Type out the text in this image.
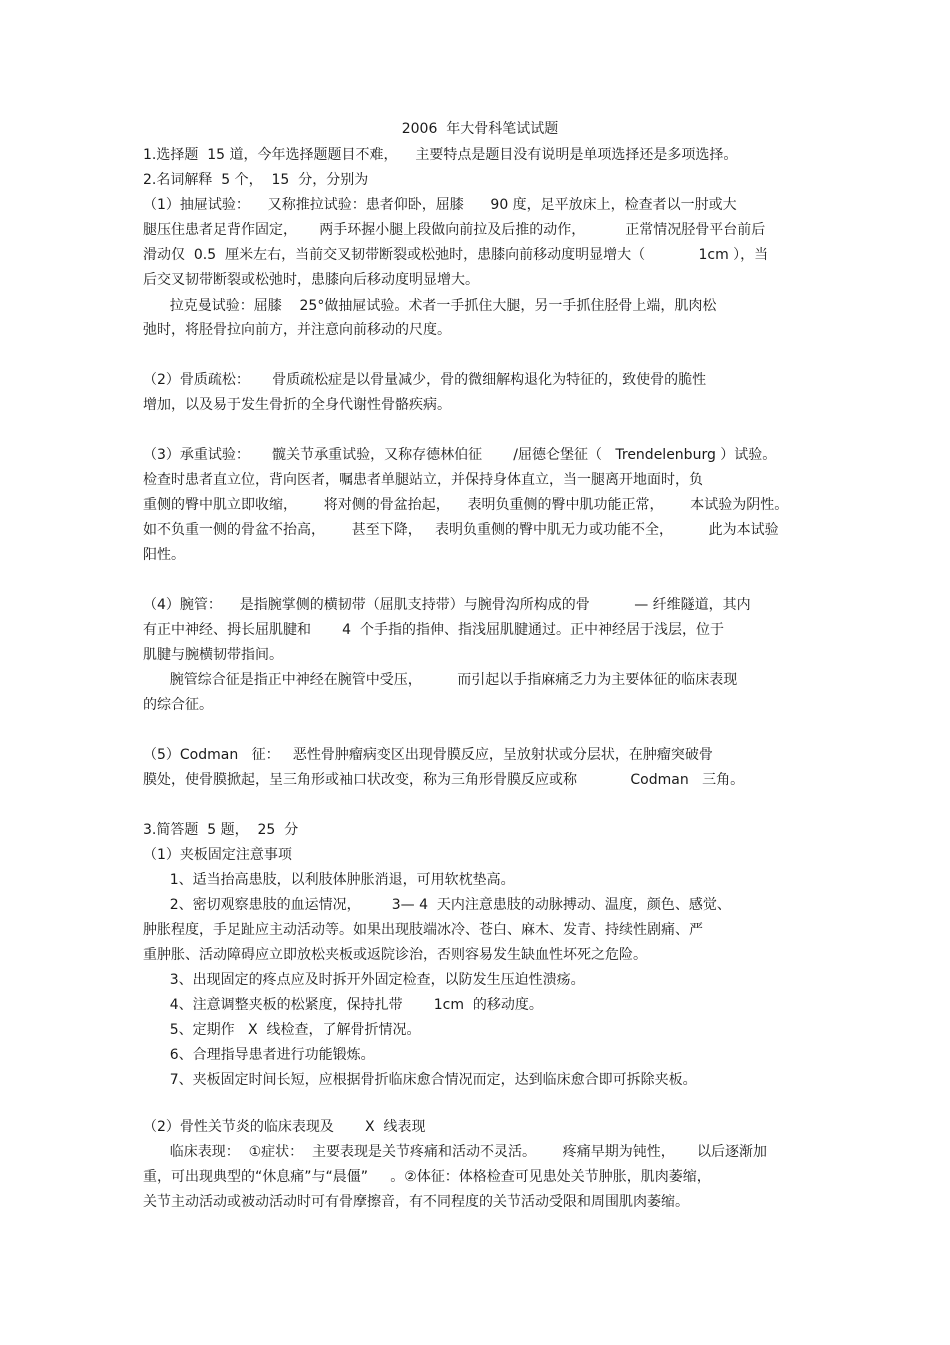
2006  年大骨科笔试试题
1.选择题  15 道，今年选择题题目不难，    主要特点是题目没有说明是单项选择还是多项选择。
2.名词解释  5 个，  15  分，分别为
（1）抽屉试验：    又称推拉试验：患者仰卧，屈膝      90 度，足平放床上，检查者以一肘或大
腿压住患者足背作固定，     两手环握小腿上段做向前拉及后推的动作，         正常情况胫骨平台前后
滑动仅  0.5  厘米左右，当前交叉韧带断裂或松弛时，患膝向前移动度明显增大（            1cm ），当
后交叉韧带断裂或松弛时，患膝向后移动度明显增大。
拉克曼试验：屈膝    25°做抽屉试验。术者一手抓住大腿，另一手抓住胫骨上端，肌肉松
弛时，将胫骨拉向前方，并注意向前移动的尺度。
（2）骨质疏松：     骨质疏松症是以骨量减少，骨的微细解构退化为特征的，致使骨的脆性
增加，以及易于发生骨折的全身代谢性骨骼疾病。
（3）承重试验：     髋关节承重试验，又称存德林伯征       /屈德仑堡征（   Trendelenburg ）试验。
检查时患者直立位，背向医者，嘱患者单腿站立，并保持身体直立，当一腿离开地面时，负
重侧的臀中肌立即收缩，      将对侧的骨盆抬起，    表明负重侧的臀中肌功能正常，      本试验为阴性。
如不负重一侧的骨盆不抬高，      甚至下降，   表明负重侧的臀中肌无力或功能不全，        此为本试验
阳性。
（4）腕管：    是指腕掌侧的横韧带（屈肌支持带）与腕骨沟所构成的骨          — 纤维隧道，其内
有正中神经、拇长屈肌腱和       4  个手指的指伸、指浅屈肌腱通过。正中神经居于浅层，位于
肌腱与腕横韧带指间。
腕管综合征是指正中神经在腕管中受压，        而引起以手指麻痛乏力为主要体征的临床表现
的综合征。
（5）Codman   征：   恶性骨肿瘤病变区出现骨膜反应，呈放射状或分层状，在肿瘤突破骨
膜处，使骨膜掀起，呈三角形或袖口状改变，称为三角形骨膜反应或称            Codman   三角。
3.简答题  5 题，  25  分
（1）夹板固定注意事项
1、适当抬高患肢，以利肢体肿胀消退，可用软枕垫高。
2、密切观察患肢的血运情况，       3— 4  天内注意患肢的动脉搏动、温度，颜色、感觉、
肿胀程度，手足趾应主动活动等。如果出现肢端冰冷、苍白、麻木、发青、持续性剧痛、严
重肿胀、活动障碍应立即放松夹板或返院诊治，否则容易发生缺血性坏死之危险。
3、出现固定的疼点应及时拆开外固定检查，以防发生压迫性溃疡。
4、注意调整夹板的松紧度，保持扎带       1cm  的移动度。
5、定期作   X  线检查，了解骨折情况。
6、合理指导患者进行功能锻炼。
7、夹板固定时间长短，应根据骨折临床愈合情况而定，达到临床愈合即可拆除夹板。
（2）骨性关节炎的临床表现及       X  线表现
临床表现：  ①症状：  主要表现是关节疼痛和活动不灵活。      疼痛早期为钝性，     以后逐渐加
重，可出现典型的“休息痛”与“晨僵”     。②体征：体格检查可见患处关节肿胀，肌肉萎缩，
关节主动活动或被动活动时可有骨摩擦音，有不同程度的关节活动受限和周围肌肉萎缩。
